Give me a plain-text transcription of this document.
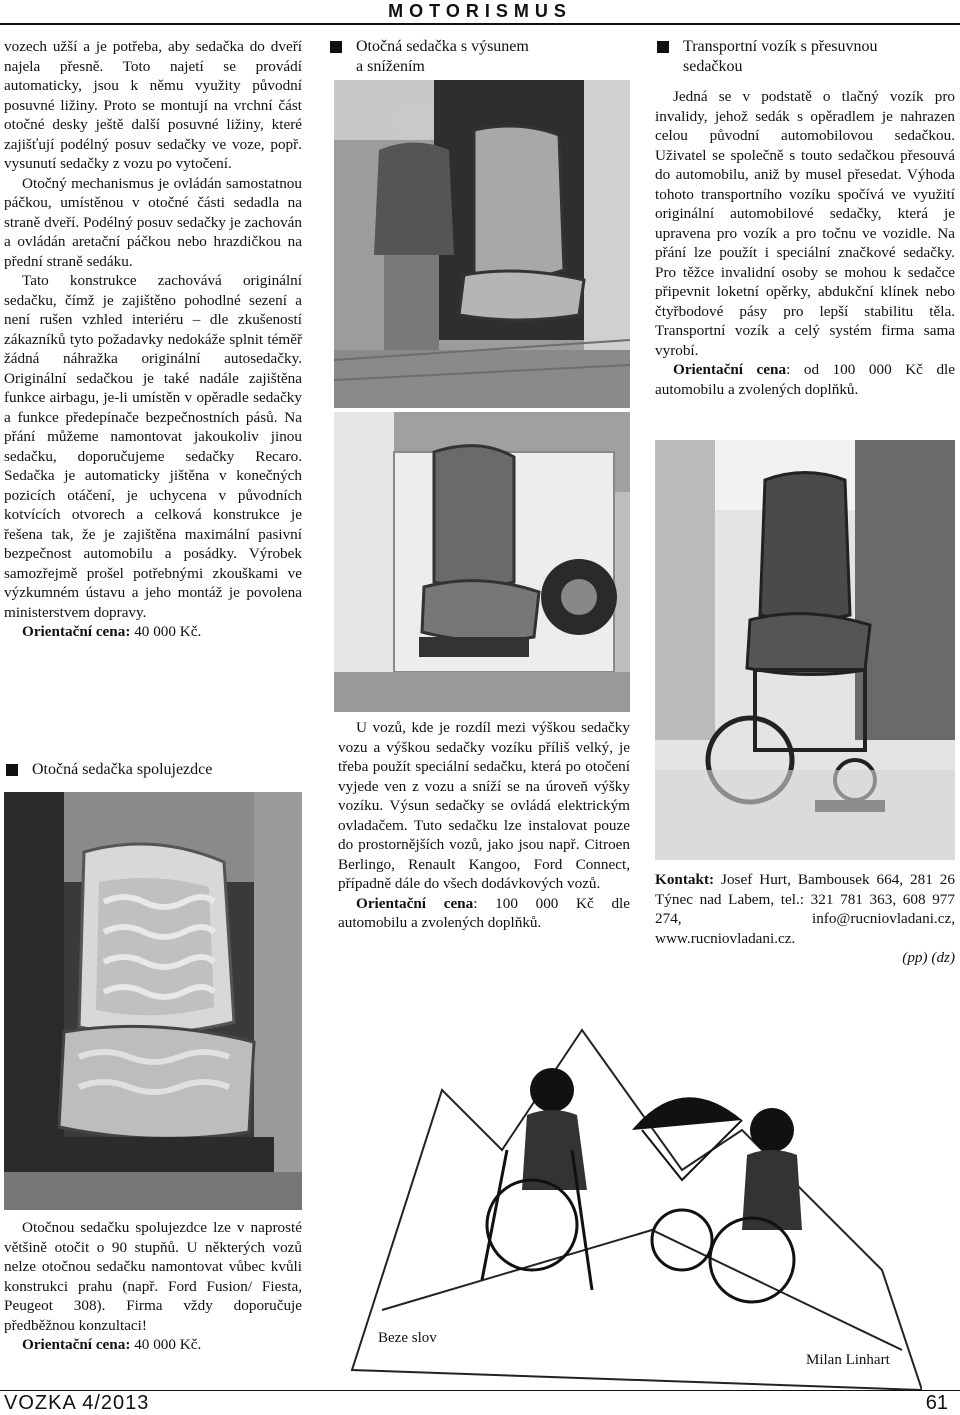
MOTORISMUS

vozech užší a je potřeba, aby sedačka do dveří najela přesně. Toto najetí se provádí automaticky, jsou k němu využity původní posuvné ližiny. Proto se montují na vrchní část otočné desky ještě další posuvné ližiny, které zajišťují podélný posuv sedačky ve voze, popř. vysunutí sedačky z vozu po vytočení.

Otočný mechanismus je ovládán samostatnou páčkou, umístěnou v otočné části sedadla na straně dveří. Podélný posuv sedačky je zachován a ovládán aretační páčkou nebo hrazdičkou na přední straně sedáku.

Tato konstrukce zachovává originální sedačku, čímž je zajištěno pohodlné sezení a není rušen vzhled interiéru – dle zkušeností zákazníků tyto požadavky nedokáže splnit téměř žádná náhražka originální autosedačky. Originální sedačkou je také nadále zajištěna funkce airbagu, je-li umístěn v opěradle sedačky a funkce předepínače bezpečnostních pásů. Na přání můžeme namontovat jakoukoliv jinou sedačku, doporučujeme sedačky Recaro. Sedačka je automaticky jištěna v konečných pozicích otáčení, je uchycena v původních kotvících otvorech a celková konstrukce je řešena tak, že je zajištěna maximální pasivní bezpečnost automobilu a posádky. Výrobek samozřejmě prošel potřebnými zkouškami ve výzkumném ústavu a jeho montáž je povolena ministerstvem dopravy.

Orientační cena: 40 000 Kč.

Otočná sedačka spolujezdce

Otočnou sedačku spolujezdce lze v naprosté většině otočit o 90 stupňů. U některých vozů nelze otočnou sedačku namontovat vůbec kvůli konstrukci prahu (např. Ford Fusion/ Fiesta, Peugeot 308). Firma vždy doporučuje předběžnou konzultaci!

Orientační cena: 40 000 Kč.

Otočná sedačka s výsunem
a snížením

U vozů, kde je rozdíl mezi výškou sedačky vozu a výškou sedačky vozíku příliš velký, je třeba použít speciální sedačku, která po otočení vyjede ven z vozu a sníží se na úroveň výšky vozíku. Výsun sedačky se ovládá elektrickým ovladačem. Tuto sedačku lze instalovat pouze do prostornějších vozů, jako jsou např. Citroen Berlingo, Renault Kangoo, Ford Connect, případně dále do všech dodávkových vozů.

Orientační cena: 100 000 Kč dle automobilu a zvolených doplňků.

Transportní vozík s přesuvnou
sedačkou

Jedná se v podstatě o tlačný vozík pro invalidy, jehož sedák s opěradlem je nahrazen celou původní automobilovou sedačkou. Uživatel se společně s touto sedačkou přesouvá do automobilu, aniž by musel přesedat. Výhoda tohoto transportního vozíku spočívá ve využití originální automobilové sedačky, která je upravena pro vozík a pro točnu ve vozidle. Na přání lze použít i speciální značkové sedačky. Pro těžce invalidní osoby se mohou k sedačce připevnit loketní opěrky, abdukční klínek nebo čtyřbodové pásy pro lepší stabilitu těla. Transportní vozík a celý systém firma sama vyrobí.

Orientační cena: od 100 000 Kč dle automobilu a zvolených doplňků.

Kontakt: Josef Hurt, Bambousek 664, 281 26 Týnec nad Labem, tel.: 321 781 363, 608 977 274, info@rucniovladani.cz, www.rucniovladani.cz.

(pp) (dz)

Beze slov
Milan Linhart
VOZKA 4/2013	61
